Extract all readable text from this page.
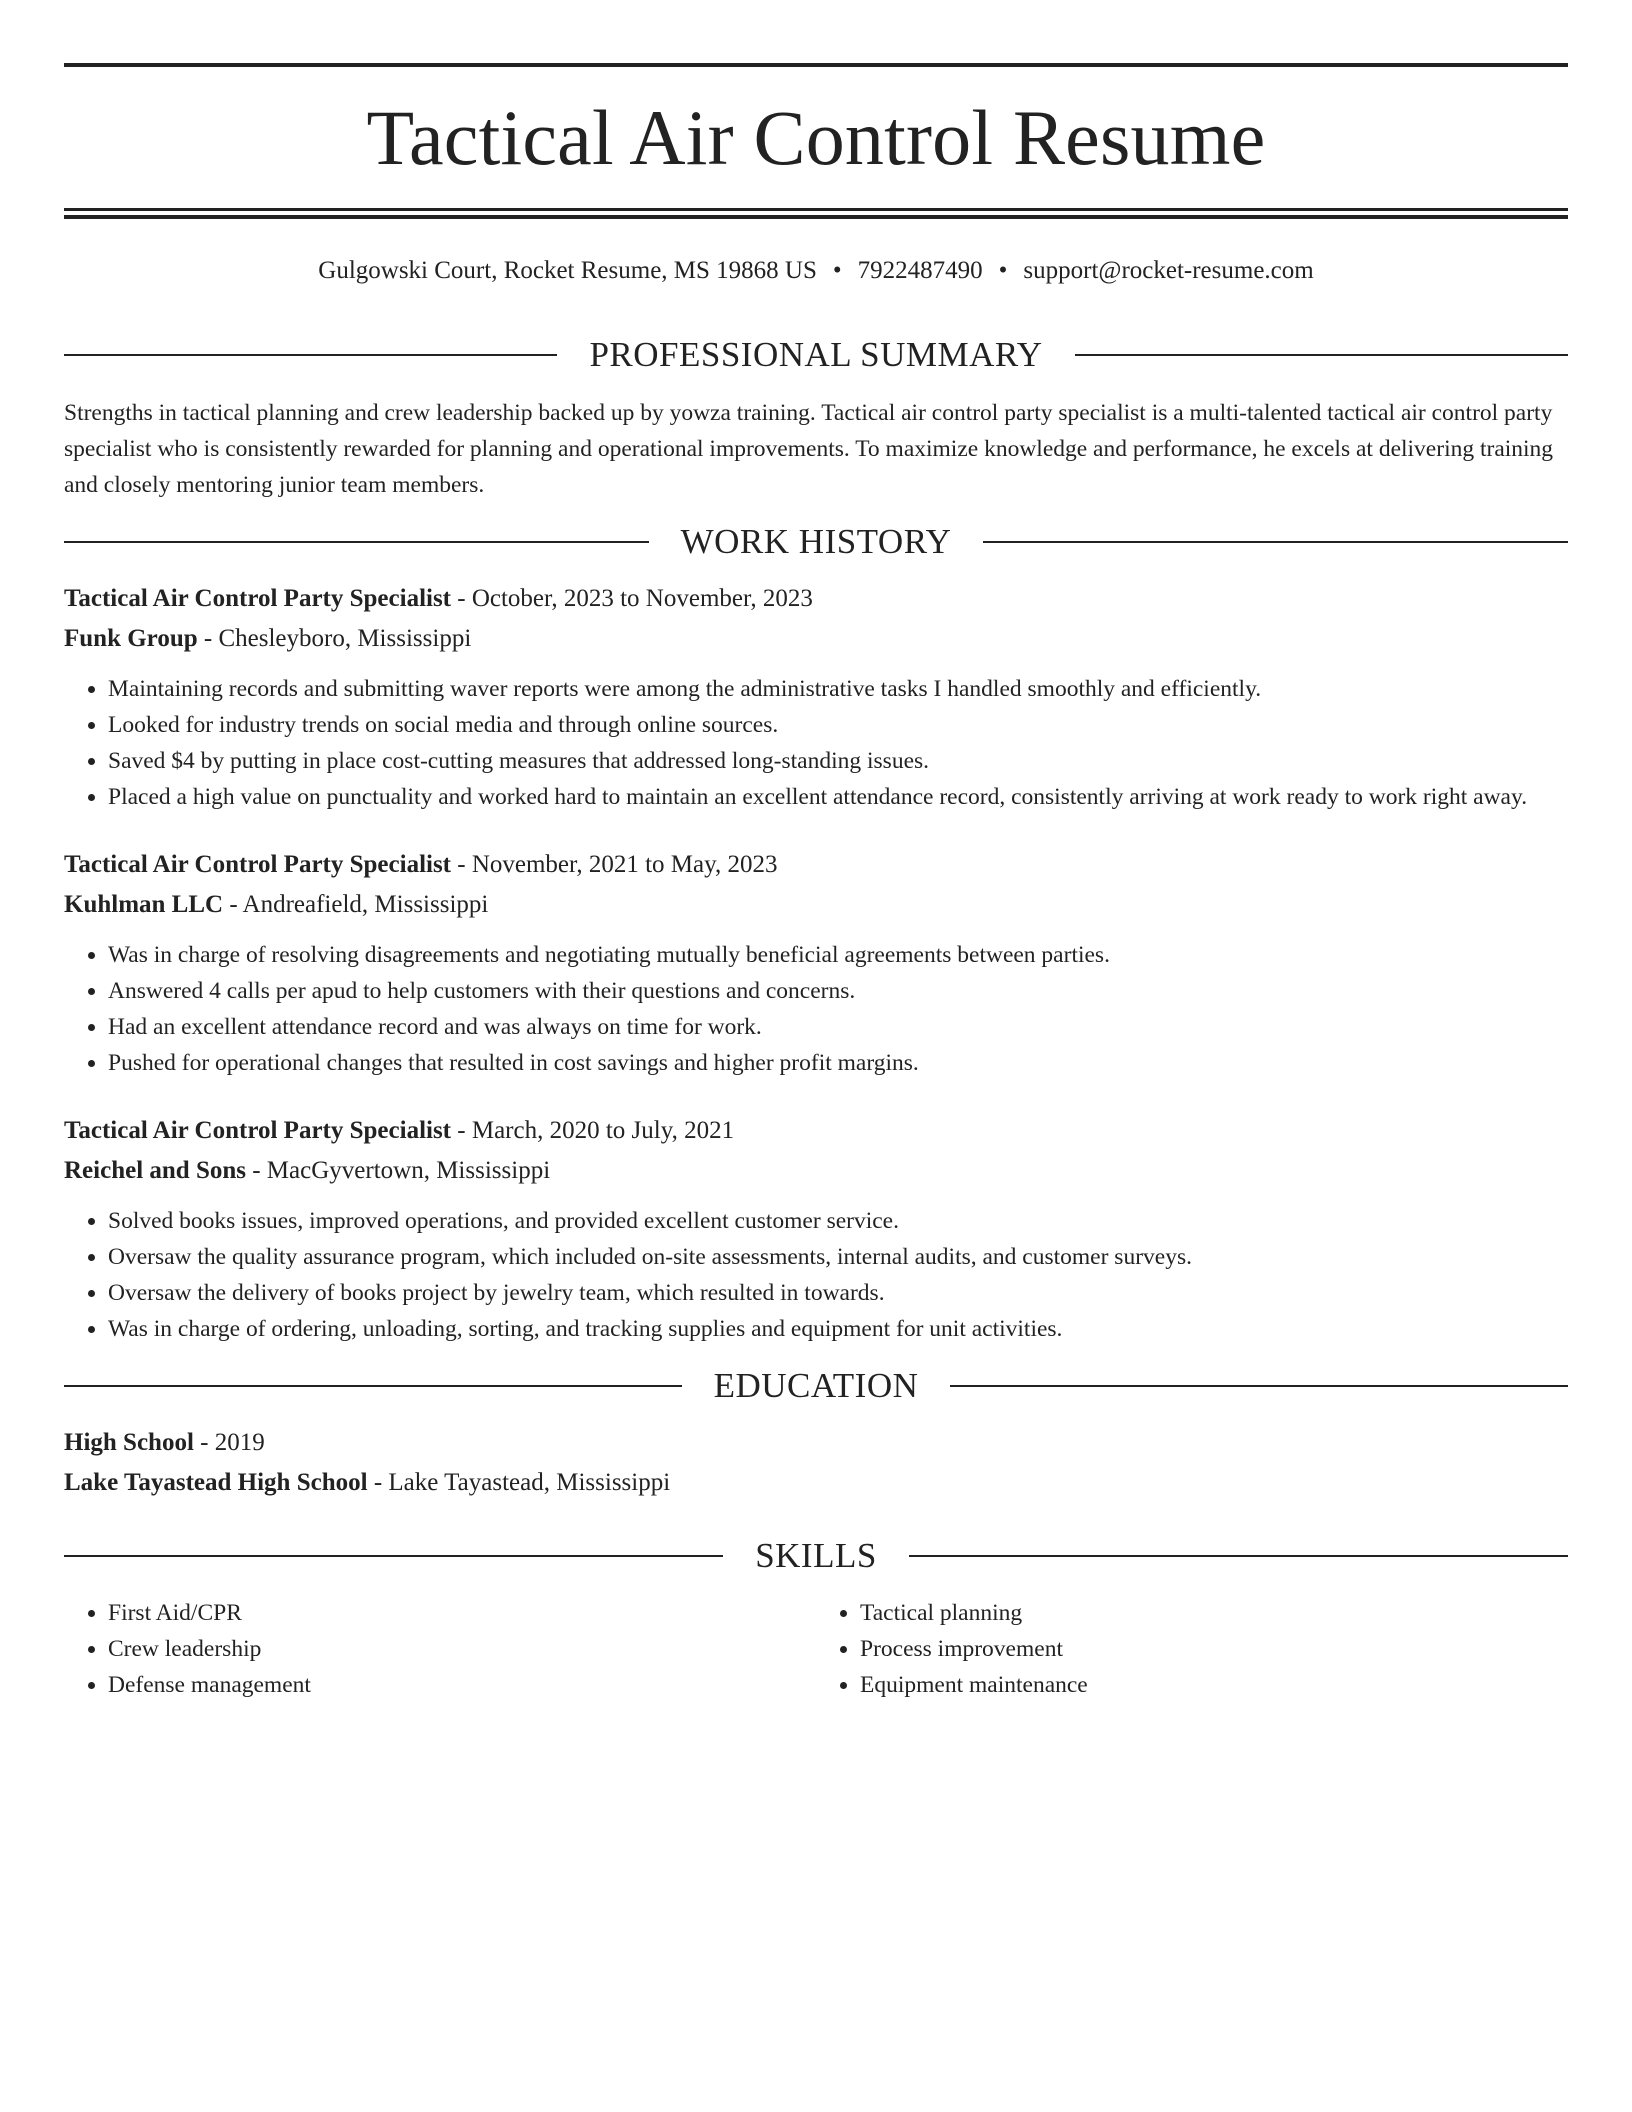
Tactical Air Control Resume
Gulgowski Court, Rocket Resume, MS 19868 US • 7922487490 • support@rocket-resume.com
PROFESSIONAL SUMMARY

Strengths in tactical planning and crew leadership backed up by yowza training. Tactical air control party specialist is a multi-talented tactical air control party specialist who is consistently rewarded for planning and operational improvements. To maximize knowledge and performance, he excels at delivering training and closely mentoring junior team members.

WORK HISTORY
Tactical Air Control Party Specialist - October, 2023 to November, 2023
Funk Group - Chesleyboro, Mississippi
• Maintaining records and submitting waver reports were among the administrative tasks I handled smoothly and efficiently.
• Looked for industry trends on social media and through online sources.
• Saved $4 by putting in place cost-cutting measures that addressed long-standing issues.
• Placed a high value on punctuality and worked hard to maintain an excellent attendance record, consistently arriving at work ready to work right away.
Tactical Air Control Party Specialist - November, 2021 to May, 2023
Kuhlman LLC - Andreafield, Mississippi
• Was in charge of resolving disagreements and negotiating mutually beneficial agreements between parties.
• Answered 4 calls per apud to help customers with their questions and concerns.
• Had an excellent attendance record and was always on time for work.
• Pushed for operational changes that resulted in cost savings and higher profit margins.
Tactical Air Control Party Specialist - March, 2020 to July, 2021
Reichel and Sons - MacGyvertown, Mississippi
• Solved books issues, improved operations, and provided excellent customer service.
• Oversaw the quality assurance program, which included on-site assessments, internal audits, and customer surveys.
• Oversaw the delivery of books project by jewelry team, which resulted in towards.
• Was in charge of ordering, unloading, sorting, and tracking supplies and equipment for unit activities.
EDUCATION
High School - 2019
Lake Tayastead High School - Lake Tayastead, Mississippi
SKILLS
• First Aid/CPR
• Crew leadership
• Defense management
• Tactical planning
• Process improvement
• Equipment maintenance
